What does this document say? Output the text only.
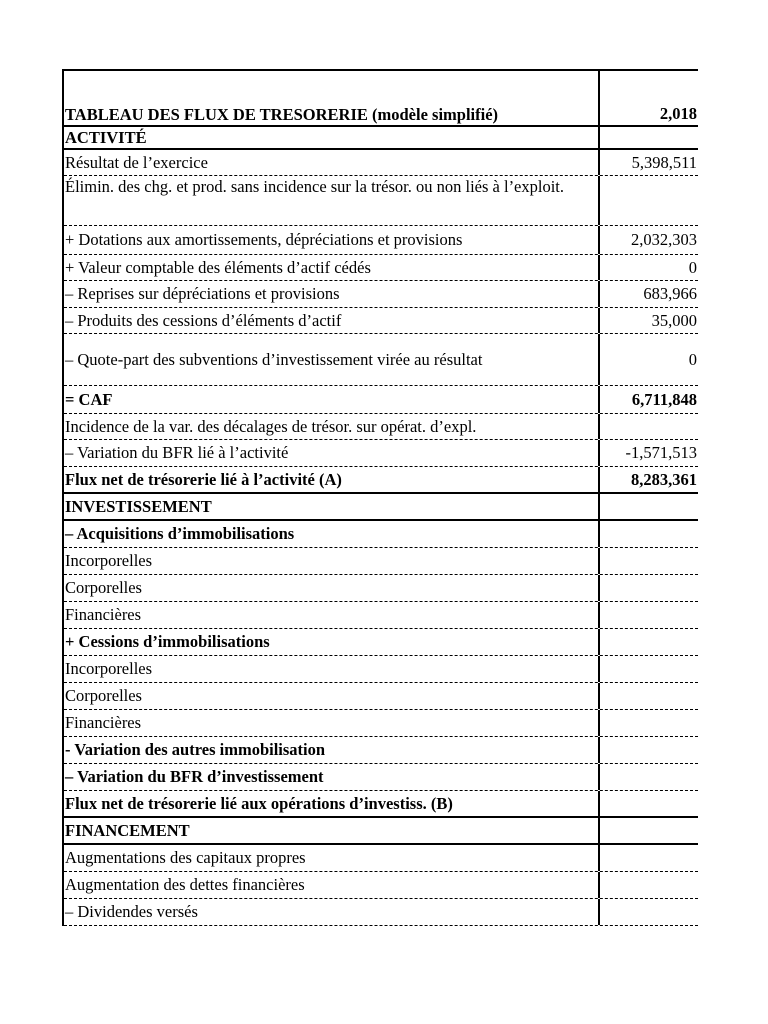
TABLEAU DES FLUX DE TRESORERIE (modèle simplifié)	2,018
ACTIVITÉ
Résultat de l’exercice	5,398,511
Élimin. des chg. et prod. sans incidence sur la trésor. ou non liés à l’exploit.
+ Dotations aux amortissements, dépréciations et provisions	2,032,303
+ Valeur comptable des éléments d’actif cédés	0
– Reprises sur dépréciations et provisions	683,966
– Produits des cessions d’éléments d’actif	35,000
– Quote-part des subventions d’investissement virée au résultat	0
= CAF	6,711,848
Incidence de la var. des décalages de trésor. sur opérat. d’expl.
– Variation du BFR lié à l’activité	-1,571,513
Flux net de trésorerie lié à l’activité (A)	8,283,361
INVESTISSEMENT
– Acquisitions d’immobilisations
Incorporelles
Corporelles
Financières
+ Cessions d’immobilisations
Incorporelles
Corporelles
Financières
- Variation des autres immobilisation
– Variation du BFR d’investissement
Flux net de trésorerie lié aux opérations d’investiss. (B)
FINANCEMENT
Augmentations des capitaux propres
Augmentation des dettes financières
– Dividendes versés
